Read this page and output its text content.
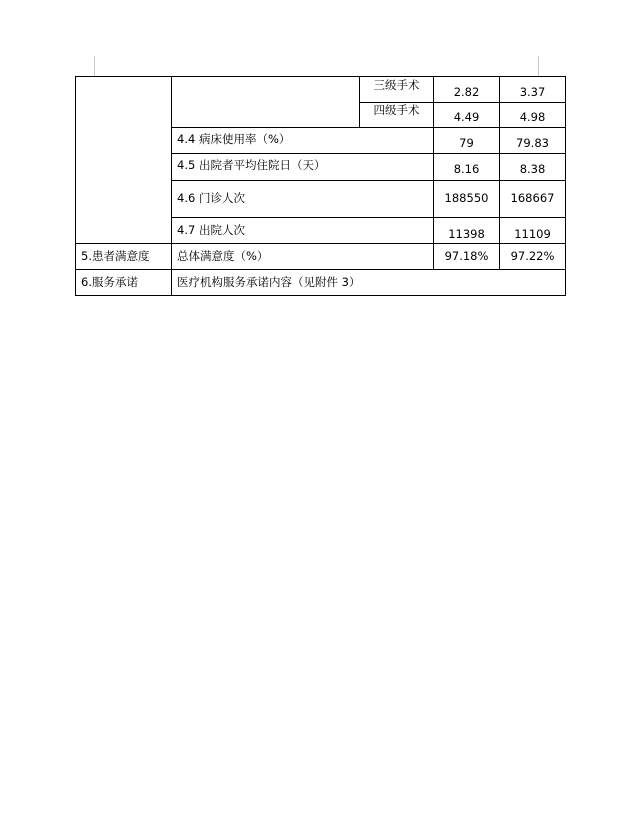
		三级手术	2.82	3.37
		四级手术	4.49	4.98
	4.4 病床使用率（%）		79	79.83
	4.5 出院者平均住院日（天）		8.16	8.38
	4.6 门诊人次		188550	168667
	4.7 出院人次		11398	11109
5.患者满意度	总体满意度（%）		97.18%	97.22%
6.服务承诺	医疗机构服务承诺内容（见附件 3）			
